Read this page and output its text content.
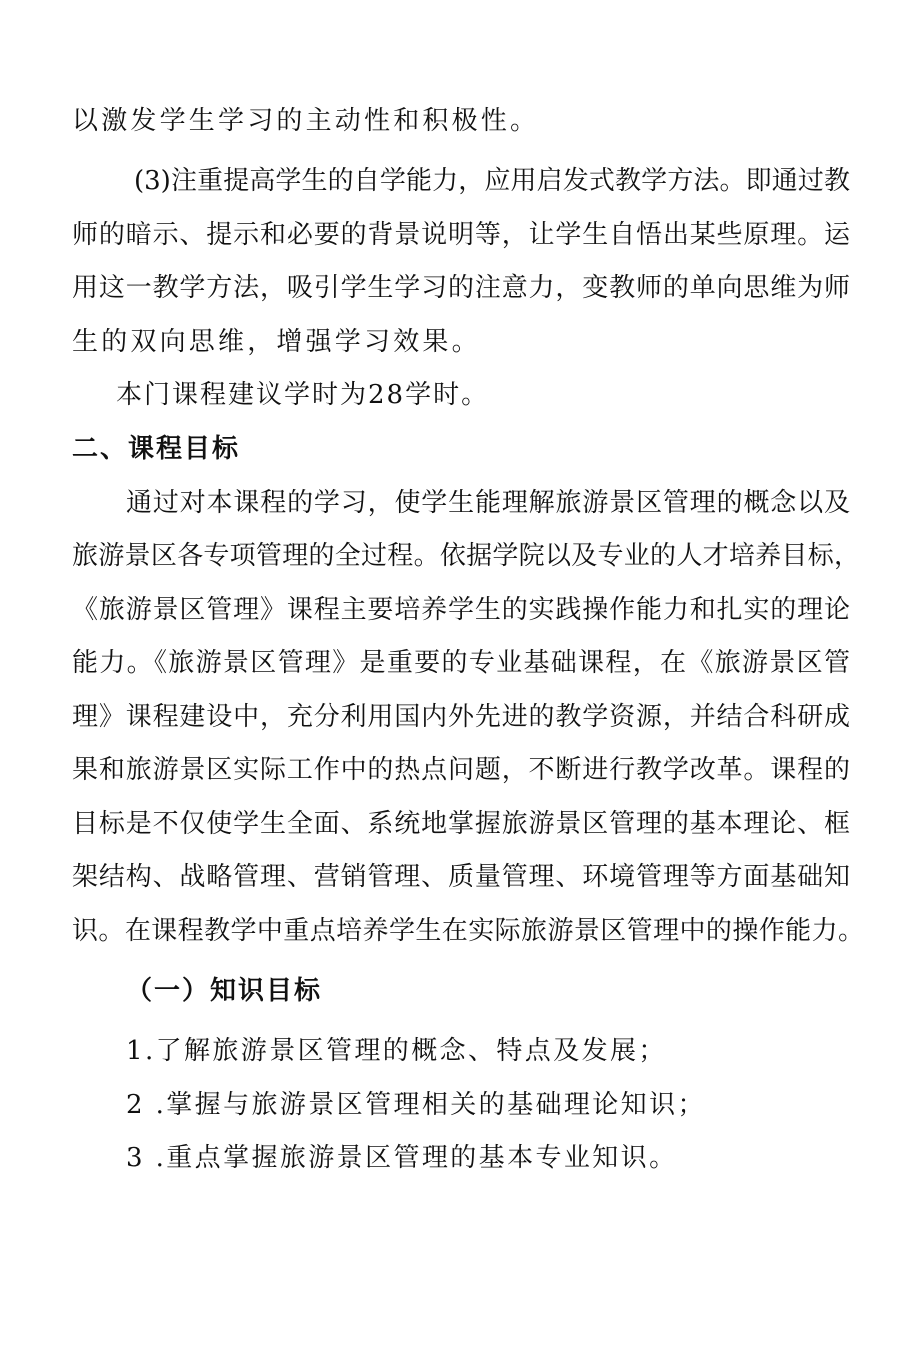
以激发学生学习的主动性和积极性。
(3)注重提高学生的自学能力，应用启发式教学方法。即通过教
师的暗示、提示和必要的背景说明等，让学生自悟出某些原理。运
用这一教学方法，吸引学生学习的注意力，变教师的单向思维为师
生的双向思维，增强学习效果。
本门课程建议学时为28学时。
二、课程目标
通过对本课程的学习，使学生能理解旅游景区管理的概念以及
旅游景区各专项管理的全过程。依据学院以及专业的人才培养目标，
《旅游景区管理》课程主要培养学生的实践操作能力和扎实的理论
能力。《旅游景区管理》是重要的专业基础课程，在《旅游景区管
理》课程建设中，充分利用国内外先进的教学资源，并结合科研成
果和旅游景区实际工作中的热点问题，不断进行教学改革。课程的
目标是不仅使学生全面、系统地掌握旅游景区管理的基本理论、框
架结构、战略管理、营销管理、质量管理、环境管理等方面基础知
识。在课程教学中重点培养学生在实际旅游景区管理中的操作能力。
（一）知识目标
1.了解旅游景区管理的概念、特点及发展；
2 .掌握与旅游景区管理相关的基础理论知识；
3 .重点掌握旅游景区管理的基本专业知识。
